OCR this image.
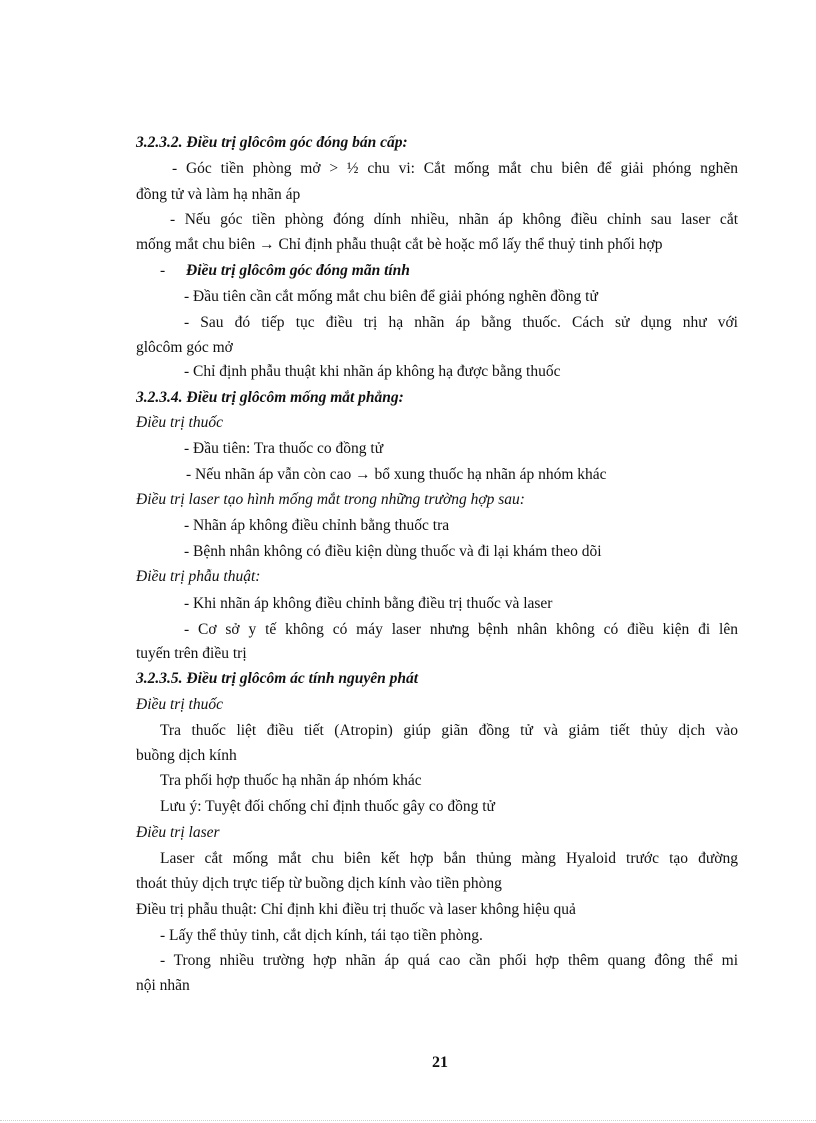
3.2.3.2. Điều trị glôcôm góc đóng bán cấp:
- Góc tiền phòng mở > ½ chu vi: Cắt mống mắt chu biên để giải phóng nghẽn
đồng tử và làm hạ nhãn áp
- Nếu góc tiền phòng đóng dính nhiều, nhãn áp không điều chỉnh sau laser cắt
mống mắt chu biên → Chỉ định phẫu thuật cắt bè hoặc mổ lấy thể thuỷ tinh phối hợp
- Điều trị glôcôm góc đóng mãn tính
- Đầu tiên cần cắt mống mắt chu biên để giải phóng nghẽn đồng tử
- Sau đó tiếp tục điều trị hạ nhãn áp bằng thuốc. Cách sử dụng như với
glôcôm góc mở
- Chỉ định phẫu thuật khi nhãn áp không hạ được bằng thuốc
3.2.3.4. Điều trị glôcôm mống mắt phẳng:
Điều trị thuốc
- Đầu tiên: Tra thuốc co đồng tử
- Nếu nhãn áp vẫn còn cao → bổ xung thuốc hạ nhãn áp nhóm khác
Điều trị laser tạo hình mống mắt trong những trường hợp sau:
- Nhãn áp không điều chỉnh bằng thuốc tra
- Bệnh nhân không có điều kiện dùng thuốc và đi lại khám theo dõi
Điều trị phẫu thuật:
- Khi nhãn áp không điều chỉnh bằng điều trị thuốc và laser
- Cơ sở y tế không có máy laser nhưng bệnh nhân không có điều kiện đi lên
tuyến trên điều trị
3.2.3.5. Điều trị glôcôm ác tính nguyên phát
Điều trị thuốc
Tra thuốc liệt điều tiết (Atropin) giúp giãn đồng tử và giảm tiết thủy dịch vào
buồng dịch kính
Tra phối hợp thuốc hạ nhãn áp nhóm khác
Lưu ý: Tuyệt đối chống chỉ định thuốc gây co đồng tử
Điều trị laser
Laser cắt mống mắt chu biên kết hợp bắn thủng màng Hyaloid trước tạo đường
thoát thủy dịch trực tiếp từ buồng dịch kính vào tiền phòng
Điều trị phẫu thuật: Chỉ định khi điều trị thuốc và laser không hiệu quả
- Lấy thể thủy tinh, cắt dịch kính, tái tạo tiền phòng.
- Trong nhiều trường hợp nhãn áp quá cao cần phối hợp thêm quang đông thể mi
nội nhãn
21
